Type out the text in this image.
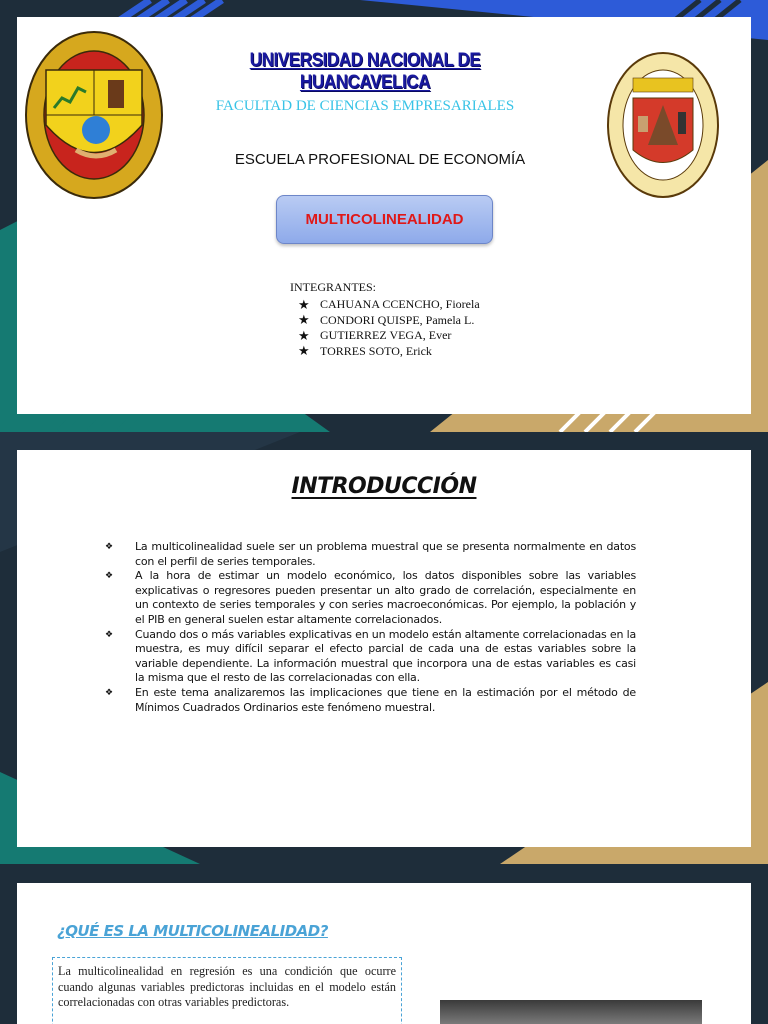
UNIVERSIDAD NACIONAL DE HUANCAVELICA
FACULTAD DE CIENCIAS EMPRESARIALES
ESCUELA PROFESIONAL DE ECONOMÍA
MULTICOLINEALIDAD
INTEGRANTES:
★ CAHUANA CCENCHO, Fiorela
★ CONDORI QUISPE, Pamela L.
★ GUTIERREZ VEGA, Ever
★ TORRES SOTO, Erick
INTRODUCCIÓN
❖ La multicolinealidad suele ser un problema muestral que se presenta normalmente en datos con el perfil de series temporales.
❖ A la hora de estimar un modelo económico, los datos disponibles sobre las variables explicativas o regresores pueden presentar un alto grado de correlación, especialmente en un contexto de series temporales y con series macroeconómicas. Por ejemplo, la población y el PIB en general suelen estar altamente correlacionados.
❖ Cuando dos o más variables explicativas en un modelo están altamente correlacionadas en la muestra, es muy difícil separar el efecto parcial de cada una de estas variables sobre la variable dependiente. La información muestral que incorpora una de estas variables es casi la misma que el resto de las correlacionadas con ella.
❖ En este tema analizaremos las implicaciones que tiene en la estimación por el método de Mínimos Cuadrados Ordinarios este fenómeno muestral.
¿QUÉ ES LA MULTICOLINEALIDAD?
La multicolinealidad en regresión es una condición que ocurre cuando algunas variables predictoras incluidas en el modelo están correlacionadas con otras variables predictoras.
